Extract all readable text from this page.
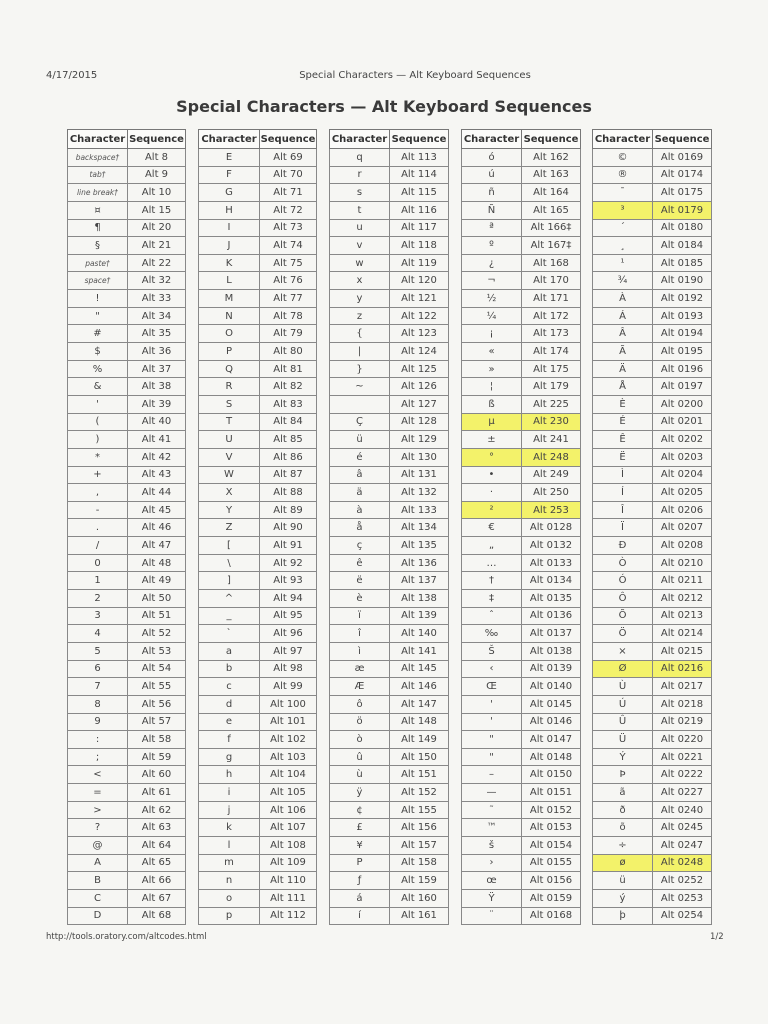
4/17/2015	Special Characters — Alt Keyboard Sequences
Special Characters — Alt Keyboard Sequences
Character	Sequence
backspace†	Alt 8
tab†	Alt 9
line break†	Alt 10
¤	Alt 15
¶	Alt 20
§	Alt 21
paste†	Alt 22
space†	Alt 32
!	Alt 33
"	Alt 34
#	Alt 35
$	Alt 36
%	Alt 37
&	Alt 38
'	Alt 39
(	Alt 40
)	Alt 41
*	Alt 42
+	Alt 43
,	Alt 44
-	Alt 45
.	Alt 46
/	Alt 47
0	Alt 48
1	Alt 49
2	Alt 50
3	Alt 51
4	Alt 52
5	Alt 53
6	Alt 54
7	Alt 55
8	Alt 56
9	Alt 57
:	Alt 58
;	Alt 59
<	Alt 60
=	Alt 61
>	Alt 62
?	Alt 63
@	Alt 64
A	Alt 65
B	Alt 66
C	Alt 67
D	Alt 68
Character	Sequence
E	Alt 69
F	Alt 70
G	Alt 71
H	Alt 72
I	Alt 73
J	Alt 74
K	Alt 75
L	Alt 76
M	Alt 77
N	Alt 78
O	Alt 79
P	Alt 80
Q	Alt 81
R	Alt 82
S	Alt 83
T	Alt 84
U	Alt 85
V	Alt 86
W	Alt 87
X	Alt 88
Y	Alt 89
Z	Alt 90
[	Alt 91
\	Alt 92
]	Alt 93
^	Alt 94
_	Alt 95
`	Alt 96
a	Alt 97
b	Alt 98
c	Alt 99
d	Alt 100
e	Alt 101
f	Alt 102
g	Alt 103
h	Alt 104
i	Alt 105
j	Alt 106
k	Alt 107
l	Alt 108
m	Alt 109
n	Alt 110
o	Alt 111
p	Alt 112
Character	Sequence
q	Alt 113
r	Alt 114
s	Alt 115
t	Alt 116
u	Alt 117
v	Alt 118
w	Alt 119
x	Alt 120
y	Alt 121
z	Alt 122
{	Alt 123
|	Alt 124
}	Alt 125
~	Alt 126
	Alt 127
Ç	Alt 128
ü	Alt 129
é	Alt 130
â	Alt 131
ä	Alt 132
à	Alt 133
å	Alt 134
ç	Alt 135
ê	Alt 136
ë	Alt 137
è	Alt 138
ï	Alt 139
î	Alt 140
ì	Alt 141
æ	Alt 145
Æ	Alt 146
ô	Alt 147
ö	Alt 148
ò	Alt 149
û	Alt 150
ù	Alt 151
ÿ	Alt 152
¢	Alt 155
£	Alt 156
¥	Alt 157
P	Alt 158
ƒ	Alt 159
á	Alt 160
í	Alt 161
Character	Sequence
ó	Alt 162
ú	Alt 163
ñ	Alt 164
Ñ	Alt 165
ª	Alt 166‡
º	Alt 167‡
¿	Alt 168
¬	Alt 170
½	Alt 171
¼	Alt 172
¡	Alt 173
«	Alt 174
»	Alt 175
¦	Alt 179
ß	Alt 225
µ	Alt 230
±	Alt 241
°	Alt 248
•	Alt 249
·	Alt 250
²	Alt 253
€	Alt 0128
„	Alt 0132
…	Alt 0133
†	Alt 0134
‡	Alt 0135
ˆ	Alt 0136
‰	Alt 0137
Š	Alt 0138
‹	Alt 0139
Œ	Alt 0140
'	Alt 0145
'	Alt 0146
"	Alt 0147
"	Alt 0148
–	Alt 0150
—	Alt 0151
˜	Alt 0152
™	Alt 0153
š	Alt 0154
›	Alt 0155
œ	Alt 0156
Ÿ	Alt 0159
¨	Alt 0168
Character	Sequence
©	Alt 0169
®	Alt 0174
¯	Alt 0175
³	Alt 0179
´	Alt 0180
¸	Alt 0184
¹	Alt 0185
¾	Alt 0190
À	Alt 0192
Á	Alt 0193
Â	Alt 0194
Ã	Alt 0195
Ä	Alt 0196
Å	Alt 0197
È	Alt 0200
É	Alt 0201
Ê	Alt 0202
Ë	Alt 0203
Ì	Alt 0204
Í	Alt 0205
Î	Alt 0206
Ï	Alt 0207
Ð	Alt 0208
Ò	Alt 0210
Ó	Alt 0211
Ô	Alt 0212
Õ	Alt 0213
Ö	Alt 0214
×	Alt 0215
Ø	Alt 0216
Ù	Alt 0217
Ú	Alt 0218
Û	Alt 0219
Ü	Alt 0220
Ý	Alt 0221
Þ	Alt 0222
ã	Alt 0227
ð	Alt 0240
õ	Alt 0245
÷	Alt 0247
ø	Alt 0248
ü	Alt 0252
ý	Alt 0253
þ	Alt 0254
http://tools.oratory.com/altcodes.html	1/2
